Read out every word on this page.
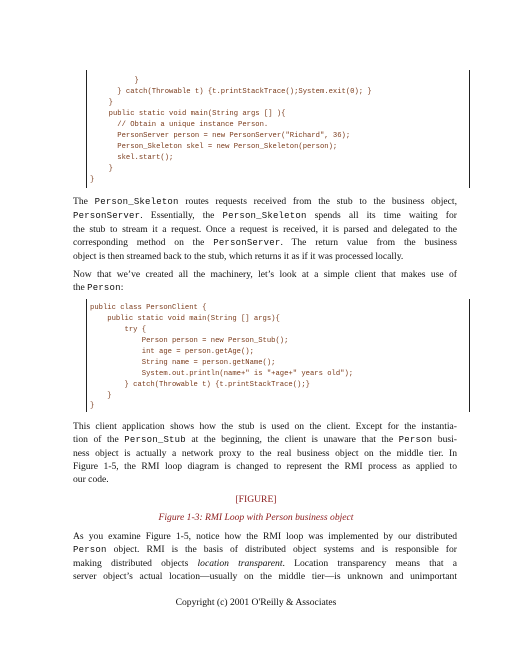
}
} catch(Throwable t) {t.printStackTrace();System.exit(0); }
}
public static void main(String args [] ){
// Obtain a unique instance Person.
PersonServer person = new PersonServer("Richard", 36);
Person_Skeleton skel = new Person_Skeleton(person);
skel.start();
}
}
The Person_Skeleton routes requests received from the stub to the business object,
PersonServer. Essentially, the Person_Skeleton spends all its time waiting for
the stub to stream it a request. Once a request is received, it is parsed and delegated to the
corresponding method on the PersonServer. The return value from the business
object is then streamed back to the stub, which returns it as if it was processed locally.
Now that we’ve created all the machinery, let’s look at a simple client that makes use of
the Person:
public class PersonClient {
public static void main(String [] args){
try {
Person person = new Person_Stub();
int age = person.getAge();
String name = person.getName();
System.out.println(name+" is "+age+" years old");
} catch(Throwable t) {t.printStackTrace();}
}
}
This client application shows how the stub is used on the client. Except for the instantia-
tion of the Person_Stub at the beginning, the client is unaware that the Person busi-
ness object is actually a network proxy to the real business object on the middle tier. In
Figure 1-5, the RMI loop diagram is changed to represent the RMI process as applied to
our code.
[FIGURE]
Figure 1-3: RMI Loop with Person business object
As you examine Figure 1-5, notice how the RMI loop was implemented by our distributed
Person object. RMI is the basis of distributed object systems and is responsible for
making distributed objects location transparent. Location transparency means that a
server object’s actual location—usually on the middle tier—is unknown and unimportant
Copyright (c) 2001 O'Reilly & Associates
